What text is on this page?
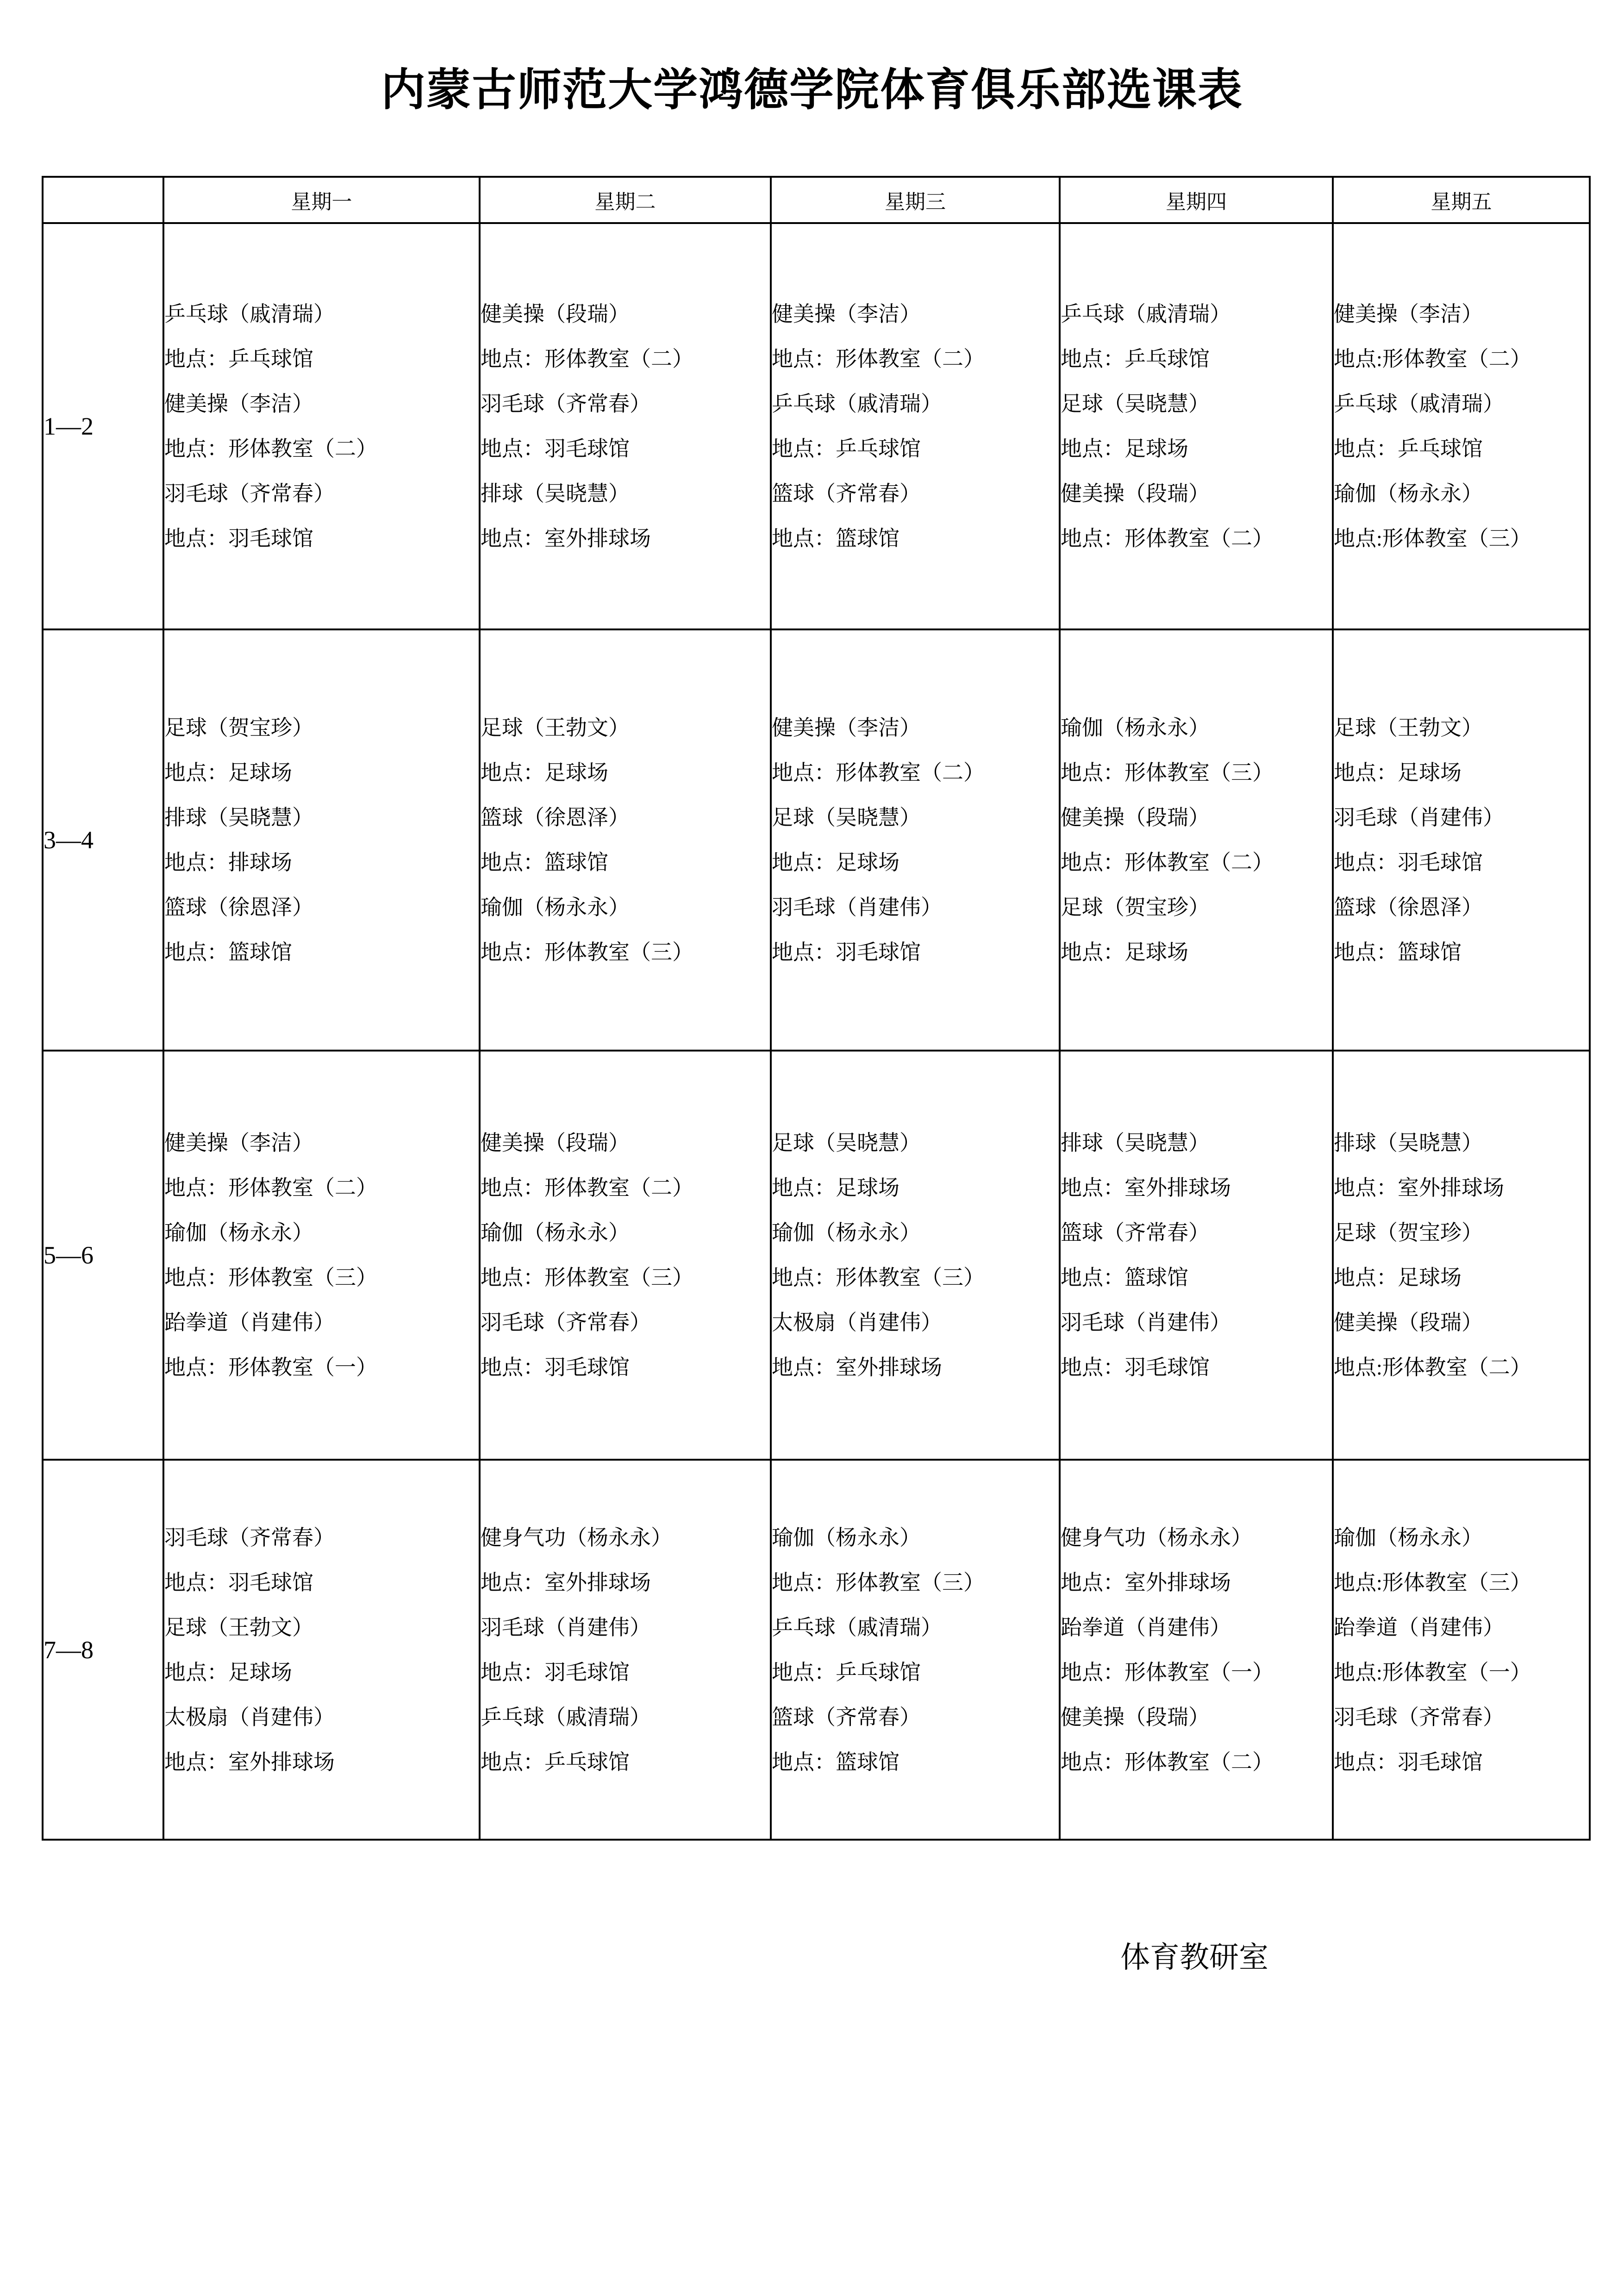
内蒙古师范大学鸿德学院体育俱乐部选课表
	星期一	星期二	星期三	星期四	星期五
1—2	
乒乓球（戚清瑞）
地点：乒乓球馆
健美操（李洁）
地点：形体教室（二）
羽毛球（齐常春）
地点：羽毛球馆

健美操（段瑞）
地点：形体教室（二）
羽毛球（齐常春）
地点：羽毛球馆
排球（吴晓慧）
地点：室外排球场

健美操（李洁）
地点：形体教室（二）
乒乓球（戚清瑞）
地点：乒乓球馆
篮球（齐常春）
地点：篮球馆

乒乓球（戚清瑞）
地点：乒乓球馆
足球（吴晓慧）
地点：足球场
健美操（段瑞）
地点：形体教室（二）

健美操（李洁）
地点:形体教室（二）
乒乓球（戚清瑞）
地点：乒乓球馆
瑜伽（杨永永）
地点:形体教室（三）

3—4	
足球（贺宝珍）
地点：足球场
排球（吴晓慧）
地点：排球场
篮球（徐恩泽）
地点：篮球馆

足球（王勃文）
地点：足球场
篮球（徐恩泽）
地点：篮球馆
瑜伽（杨永永）
地点：形体教室（三）

健美操（李洁）
地点：形体教室（二）
足球（吴晓慧）
地点：足球场
羽毛球（肖建伟）
地点：羽毛球馆

瑜伽（杨永永）
地点：形体教室（三）
健美操（段瑞）
地点：形体教室（二）
足球（贺宝珍）
地点：足球场

足球（王勃文）
地点：足球场
羽毛球（肖建伟）
地点：羽毛球馆
篮球（徐恩泽）
地点：篮球馆

5—6	
健美操（李洁）
地点：形体教室（二）
瑜伽（杨永永）
地点：形体教室（三）
跆拳道（肖建伟）
地点：形体教室（一）

健美操（段瑞）
地点：形体教室（二）
瑜伽（杨永永）
地点：形体教室（三）
羽毛球（齐常春）
地点：羽毛球馆

足球（吴晓慧）
地点：足球场
瑜伽（杨永永）
地点：形体教室（三）
太极扇（肖建伟）
地点：室外排球场

排球（吴晓慧）
地点：室外排球场
篮球（齐常春）
地点：篮球馆
羽毛球（肖建伟）
地点：羽毛球馆

排球（吴晓慧）
地点：室外排球场
足球（贺宝珍）
地点：足球场
健美操（段瑞）
地点:形体教室（二）

7—8	
羽毛球（齐常春）
地点：羽毛球馆
足球（王勃文）
地点：足球场
太极扇（肖建伟）
地点：室外排球场

健身气功（杨永永）
地点：室外排球场
羽毛球（肖建伟）
地点：羽毛球馆
乒乓球（戚清瑞）
地点：乒乓球馆

瑜伽（杨永永）
地点：形体教室（三）
乒乓球（戚清瑞）
地点：乒乓球馆
篮球（齐常春）
地点：篮球馆

健身气功（杨永永）
地点：室外排球场
跆拳道（肖建伟）
地点：形体教室（一）
健美操（段瑞）
地点：形体教室（二）

瑜伽（杨永永）
地点:形体教室（三）
跆拳道（肖建伟）
地点:形体教室（一）
羽毛球（齐常春）
地点：羽毛球馆
体育教研室
